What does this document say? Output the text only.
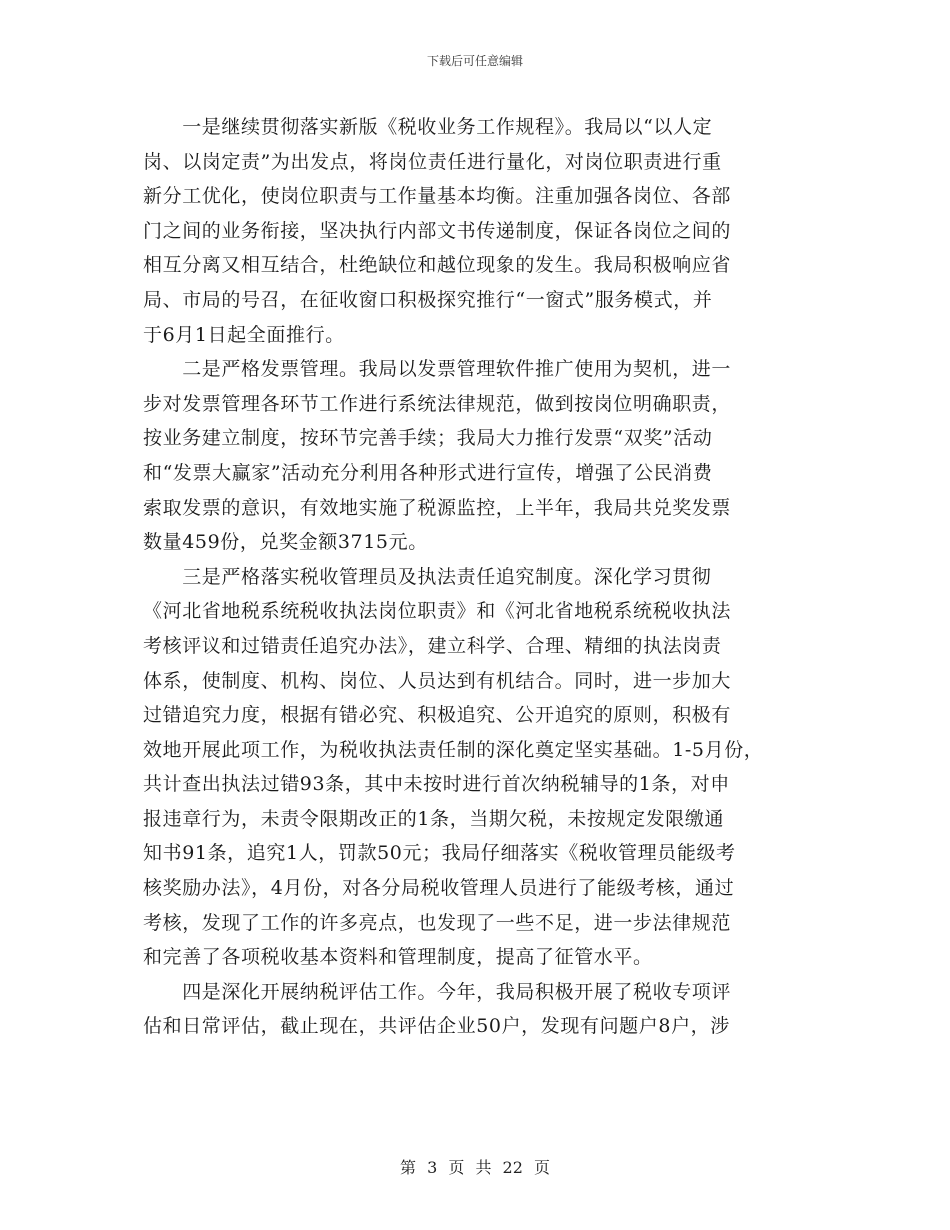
下载后可任意编辑
　　一是继续贯彻落实新版《税收业务工作规程》。我局以“以人定
岗、以岗定责”为出发点，将岗位责任进行量化，对岗位职责进行重
新分工优化，使岗位职责与工作量基本均衡。注重加强各岗位、各部
门之间的业务衔接，坚决执行内部文书传递制度，保证各岗位之间的
相互分离又相互结合，杜绝缺位和越位现象的发生。我局积极响应省
局、市局的号召，在征收窗口积极探究推行“一窗式”服务模式，并
于6月1日起全面推行。
　　二是严格发票管理。我局以发票管理软件推广使用为契机，进一
步对发票管理各环节工作进行系统法律规范，做到按岗位明确职责，
按业务建立制度，按环节完善手续；我局大力推行发票“双奖”活动
和“发票大赢家”活动充分利用各种形式进行宣传，增强了公民消费
索取发票的意识，有效地实施了税源监控，上半年，我局共兑奖发票
数量459份，兑奖金额3715元。
　　三是严格落实税收管理员及执法责任追究制度。深化学习贯彻
《河北省地税系统税收执法岗位职责》和《河北省地税系统税收执法
考核评议和过错责任追究办法》，建立科学、合理、精细的执法岗责
体系，使制度、机构、岗位、人员达到有机结合。同时，进一步加大
过错追究力度，根据有错必究、积极追究、公开追究的原则，积极有
效地开展此项工作，为税收执法责任制的深化奠定坚实基础。1-5月份，
共计查出执法过错93条，其中未按时进行首次纳税辅导的1条，对申
报违章行为，未责令限期改正的1条，当期欠税，未按规定发限缴通
知书91条，追究1人，罚款50元；我局仔细落实《税收管理员能级考
核奖励办法》，4月份，对各分局税收管理人员进行了能级考核，通过
考核，发现了工作的许多亮点，也发现了一些不足，进一步法律规范
和完善了各项税收基本资料和管理制度，提高了征管水平。
　　四是深化开展纳税评估工作。今年，我局积极开展了税收专项评
估和日常评估，截止现在，共评估企业50户，发现有问题户8户，涉
第 3 页 共 22 页
